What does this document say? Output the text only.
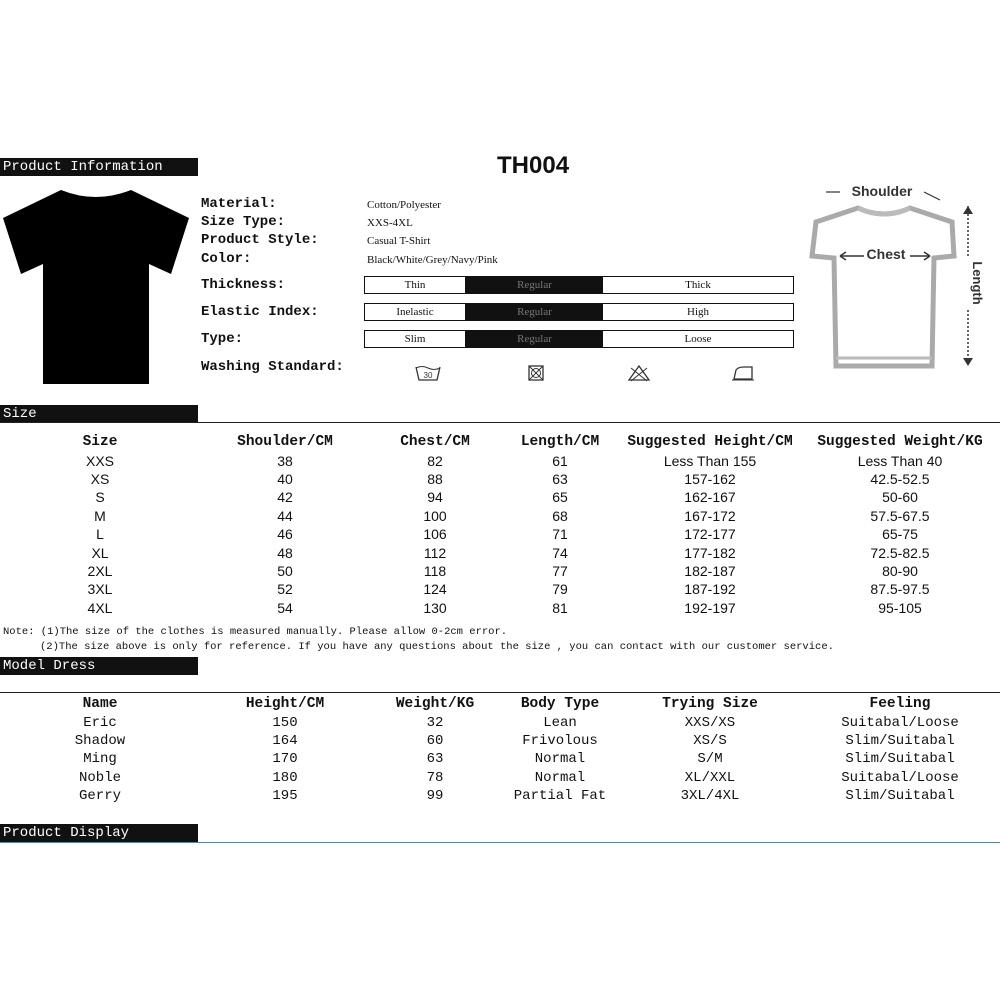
Product Information	TH004
Material:	Cotton/Polyester
Size Type:	XXS-4XL
Product Style:	Casual T-Shirt
Color:	Black/White/Grey/Navy/Pink
Thickness:	Thin	Regular	Thick
Elastic Index:	Inelastic	Regular	High
Type:	Slim	Regular	Loose
Washing Standard:
30
Shoulder
Chest
Length
Size
Size	Shoulder/CM	Chest/CM	Length/CM	Suggested Height/CM	Suggested Weight/KG
XXS	38	82	61	Less Than 155	Less Than 40
XS	40	88	63	157-162	42.5-52.5
S	42	94	65	162-167	50-60
M	44	100	68	167-172	57.5-67.5
L	46	106	71	172-177	65-75
XL	48	112	74	177-182	72.5-82.5
2XL	50	118	77	182-187	80-90
3XL	52	124	79	187-192	87.5-97.5
4XL	54	130	81	192-197	95-105
Note: (1)The size of the clothes is measured manually. Please allow 0-2cm error.
(2)The size above is only for reference. If you have any questions about the size , you can contact with our customer service.
Model Dress
Name	Height/CM	Weight/KG	Body Type	Trying Size	Feeling
Eric	150	32	Lean	XXS/XS	Suitabal/Loose
Shadow	164	60	Frivolous	XS/S	Slim/Suitabal
Ming	170	63	Normal	S/M	Slim/Suitabal
Noble	180	78	Normal	XL/XXL	Suitabal/Loose
Gerry	195	99	Partial Fat	3XL/4XL	Slim/Suitabal
Product Display
